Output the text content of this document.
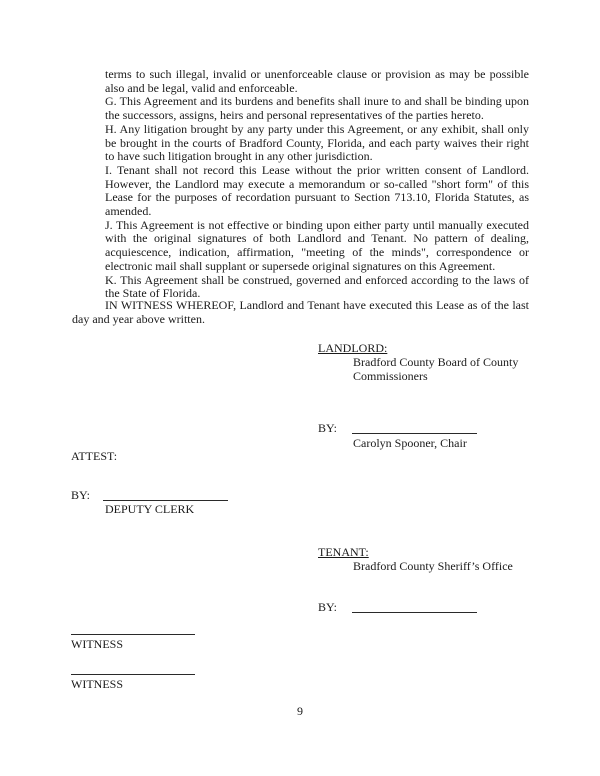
terms to such illegal, invalid or unenforceable clause or provision as may be possible also and be legal, valid and enforceable.

G. This Agreement and its burdens and benefits shall inure to and shall be binding upon the successors, assigns, heirs and personal representatives of the parties hereto.

H. Any litigation brought by any party under this Agreement, or any exhibit, shall only be brought in the courts of Bradford County, Florida, and each party waives their right to have such litigation brought in any other jurisdiction.

I. Tenant shall not record this Lease without the prior written consent of Landlord. However, the Landlord may execute a memorandum or so-called "short form" of this Lease for the purposes of recordation pursuant to Section 713.10, Florida Statutes, as amended.

J. This Agreement is not effective or binding upon either party until manually executed with the original signatures of both Landlord and Tenant. No pattern of dealing, acquiescence, indication, affirmation, "meeting of the minds", correspondence or electronic mail shall supplant or supersede original signatures on this Agreement.

K. This Agreement shall be construed, governed and enforced according to the laws of the State of Florida.

IN WITNESS WHEREOF, Landlord and Tenant have executed this Lease as of the last day and year above written.

LANDLORD:
Bradford County Board of County
Commissioners
BY:
Carolyn Spooner, Chair
ATTEST:
BY:
DEPUTY CLERK
TENANT:
Bradford County Sheriff’s Office
BY:
WITNESS
WITNESS
9
